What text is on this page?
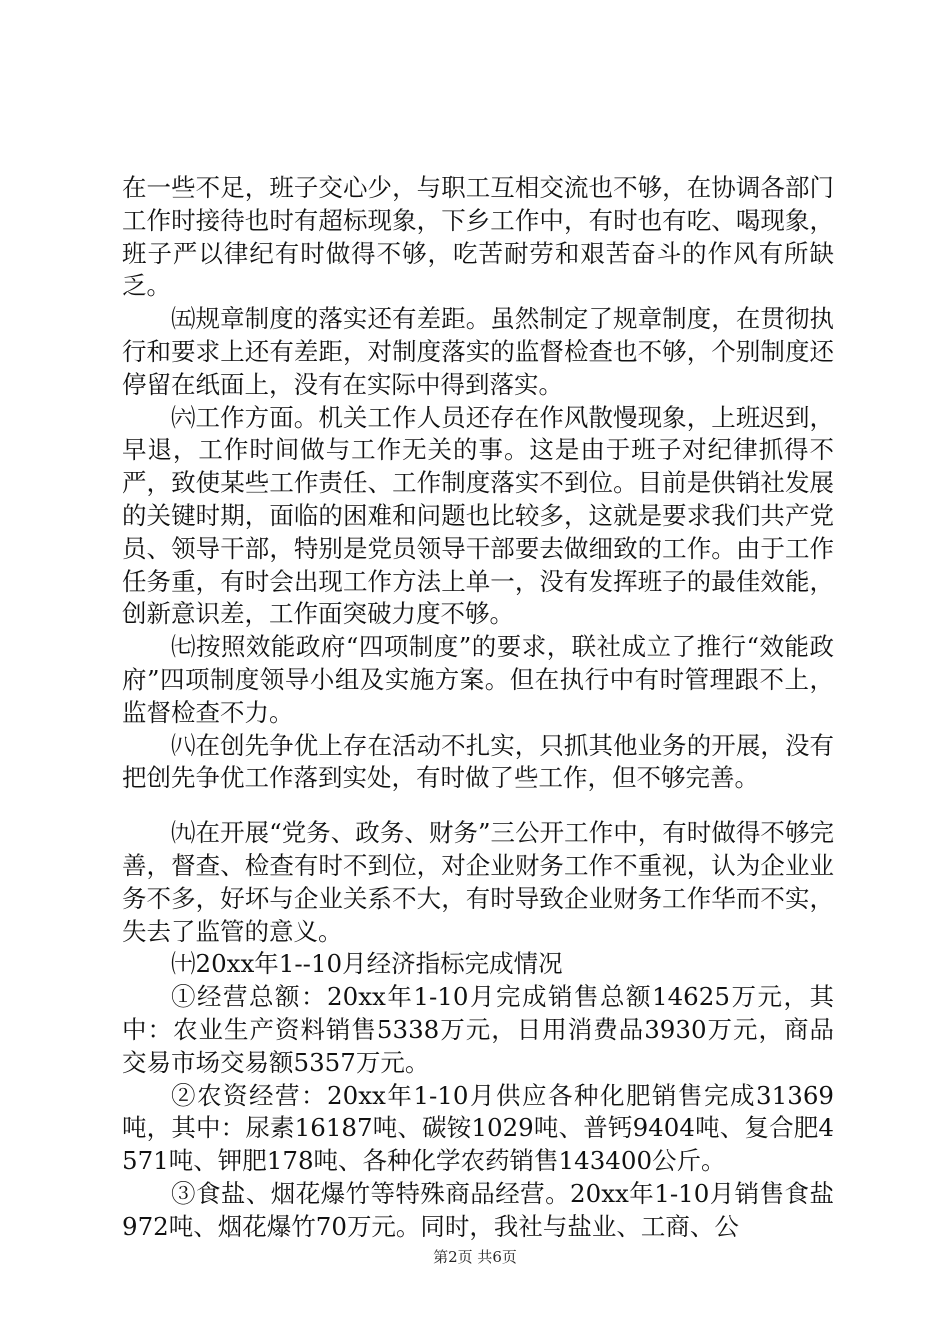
在一些不足，班子交心少，与职工互相交流也不够，在协调各部门工作时接待也时有超标现象，下乡工作中，有时也有吃、喝现象，班子严以律纪有时做得不够，吃苦耐劳和艰苦奋斗的作风有所缺乏。

㈤规章制度的落实还有差距。虽然制定了规章制度，在贯彻执行和要求上还有差距，对制度落实的监督检查也不够，个别制度还停留在纸面上，没有在实际中得到落实。

㈥工作方面。机关工作人员还存在作风散慢现象，上班迟到，早退，工作时间做与工作无关的事。这是由于班子对纪律抓得不严，致使某些工作责任、工作制度落实不到位。目前是供销社发展的关键时期，面临的困难和问题也比较多，这就是要求我们共产党员、领导干部，特别是党员领导干部要去做细致的工作。由于工作任务重，有时会出现工作方法上单一，没有发挥班子的最佳效能，创新意识差，工作面突破力度不够。

㈦按照效能政府“四项制度”的要求，联社成立了推行“效能政府”四项制度领导小组及实施方案。但在执行中有时管理跟不上，监督检查不力。

㈧在创先争优上存在活动不扎实，只抓其他业务的开展，没有把创先争优工作落到实处，有时做了些工作，但不够完善。

㈨在开展“党务、政务、财务”三公开工作中，有时做得不够完善，督查、检查有时不到位，对企业财务工作不重视，认为企业业务不多，好坏与企业关系不大，有时导致企业财务工作华而不实，失去了监管的意义。

㈩20xx年1--10月经济指标完成情况

①经营总额：20xx年1-10月完成销售总额14625万元，其中：农业生产资料销售5338万元，日用消费品3930万元，商品交易市场交易额5357万元。

②农资经营：20xx年1-10月供应各种化肥销售完成31369吨，其中：尿素16187吨、碳铵1029吨、普钙9404吨、复合肥4571吨、钾肥178吨、各种化学农药销售143400公斤。

③食盐、烟花爆竹等特殊商品经营。20xx年1-10月销售食盐972吨、烟花爆竹70万元。同时，我社与盐业、工商、公

第2页 共6页
